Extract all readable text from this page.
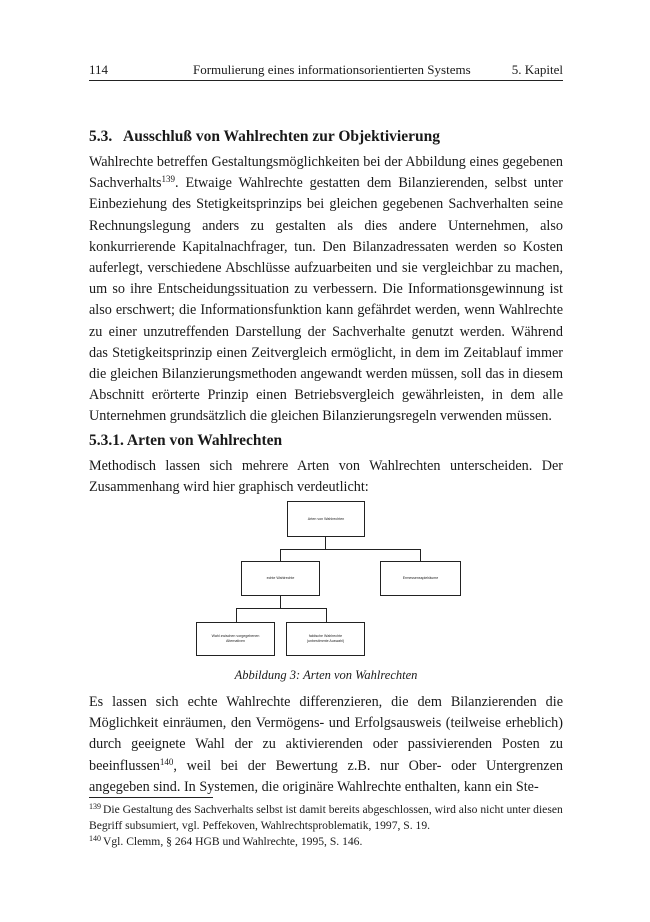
114	Formulierung eines informationsorientierten Systems	5. Kapitel
5.3.   Ausschluß von Wahlrechten zur Objektivierung

Wahlrechte betreffen Gestaltungsmöglichkeiten bei der Abbildung eines gegebenen Sachverhalts$^{139}$. Etwaige Wahlrechte gestatten dem Bilanzierenden, selbst unter Einbeziehung des Stetigkeitsprinzips bei gleichen gegebenen Sachverhalten seine Rechnungslegung anders zu gestalten als dies andere Unternehmen, also konkurrierende Kapitalnachfrager, tun. Den Bilanzadressaten werden so Kosten auferlegt, verschiedene Abschlüsse aufzuarbeiten und sie vergleichbar zu machen, um so ihre Entscheidungssituation zu verbessern. Die Informationsgewinnung ist also erschwert; die Informationsfunktion kann gefährdet werden, wenn Wahlrechte zu einer unzutreffenden Darstellung der Sachverhalte genutzt werden. Während das Stetigkeitsprinzip einen Zeitvergleich ermöglicht, in dem im Zeitablauf immer die gleichen Bilanzierungsmethoden angewandt werden müssen, soll das in diesem Abschnitt erörterte Prinzip einen Betriebsvergleich gewährleisten, in dem alle Unternehmen grundsätzlich die gleichen Bilanzierungsregeln verwenden müssen.

5.3.1. Arten von Wahlrechten

Methodisch lassen sich mehrere Arten von Wahlrechten unterscheiden. Der Zusammenhang wird hier graphisch verdeutlicht:

Arten von Wahlrechten
echte Wahlrechte	Ermessensspielräume
Wahl zwischen vorgegebenen
Alternativen
faktische Wahlrechte
(unbestimmte Auswahl)
Abbildung 3: Arten von Wahlrechten

Es lassen sich echte Wahlrechte differenzieren, die dem Bilanzierenden die Möglichkeit einräumen, den Vermögens- und Erfolgsausweis (teilweise erheblich) durch geeignete Wahl der zu aktivierenden oder passivierenden Posten zu beeinflussen$^{140}$, weil bei der Bewertung z.B. nur Ober- oder Untergrenzen angegeben sind. In Systemen, die originäre Wahlrechte enthalten, kann ein Ste-

139 Die Gestaltung des Sachverhalts selbst ist damit bereits abgeschlossen, wird also nicht unter diesen Begriff subsumiert, vgl. Peffekoven, Wahlrechtsproblematik, 1997, S. 19.

140 Vgl. Clemm, § 264 HGB und Wahlrechte, 1995, S. 146.
